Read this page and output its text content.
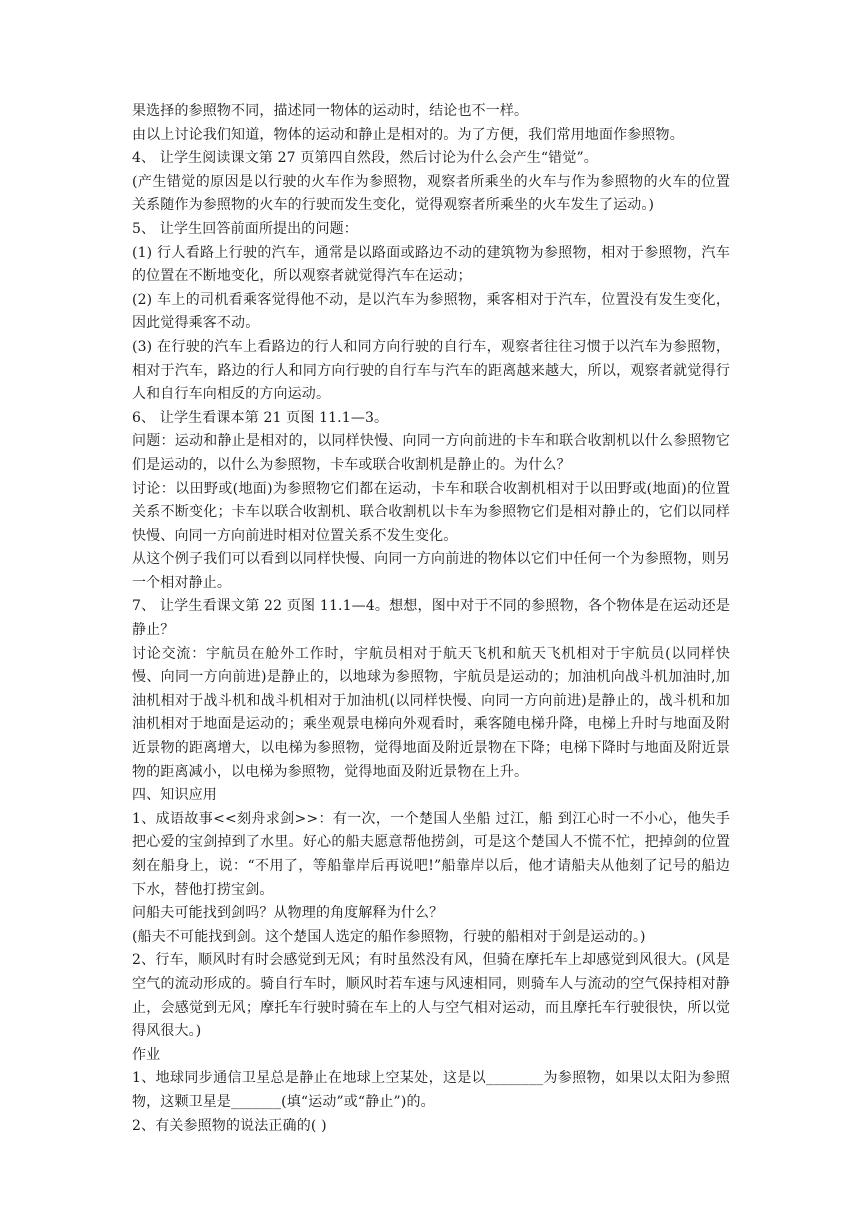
果选择的参照物不同，描述同一物体的运动时，结论也不一样。

由以上讨论我们知道，物体的运动和静止是相对的。为了方便，我们常用地面作参照物。

4、 让学生阅读课文第 27 页第四自然段，然后讨论为什么会产生“错觉”。

(产生错觉的原因是以行驶的火车作为参照物，观察者所乘坐的火车与作为参照物的火车的位置关系随作为参照物的火车的行驶而发生变化，觉得观察者所乘坐的火车发生了运动。)

5、 让学生回答前面所提出的问题：

(1) 行人看路上行驶的汽车，通常是以路面或路边不动的建筑物为参照物，相对于参照物，汽车的位置在不断地变化，所以观察者就觉得汽车在运动；

(2) 车上的司机看乘客觉得他不动，是以汽车为参照物，乘客相对于汽车，位置没有发生变化，因此觉得乘客不动。

(3) 在行驶的汽车上看路边的行人和同方向行驶的自行车，观察者往往习惯于以汽车为参照物，相对于汽车，路边的行人和同方向行驶的自行车与汽车的距离越来越大，所以，观察者就觉得行人和自行车向相反的方向运动。

6、 让学生看课本第 21 页图 11.1—3。

问题：运动和静止是相对的，以同样快慢、向同一方向前进的卡车和联合收割机以什么参照物它们是运动的，以什么为参照物，卡车或联合收割机是静止的。为什么？

讨论：以田野或(地面)为参照物它们都在运动，卡车和联合收割机相对于以田野或(地面)的位置关系不断变化；卡车以联合收割机、联合收割机以卡车为参照物它们是相对静止的，它们以同样快慢、向同一方向前进时相对位置关系不发生变化。

从这个例子我们可以看到以同样快慢、向同一方向前进的物体以它们中任何一个为参照物，则另一个相对静止。

7、 让学生看课文第 22 页图 11.1—4。想想，图中对于不同的参照物，各个物体是在运动还是静止？

讨论交流：宇航员在舱外工作时，宇航员相对于航天飞机和航天飞机相对于宇航员(以同样快慢、向同一方向前进)是静止的，以地球为参照物，宇航员是运动的；加油机向战斗机加油时,加油机相对于战斗机和战斗机相对于加油机(以同样快慢、向同一方向前进)是静止的，战斗机和加油机相对于地面是运动的；乘坐观景电梯向外观看时，乘客随电梯升降，电梯上升时与地面及附近景物的距离增大，以电梯为参照物，觉得地面及附近景物在下降；电梯下降时与地面及附近景物的距离减小，以电梯为参照物，觉得地面及附近景物在上升。

四、知识应用

1、成语故事<<刻舟求剑>>：有一次，一个楚国人坐船 过江，船 到江心时一不小心，他失手把心爱的宝剑掉到了水里。好心的船夫愿意帮他捞剑，可是这个楚国人不慌不忙，把掉剑的位置刻在船身上，说：“不用了，等船靠岸后再说吧!”船靠岸以后，他才请船夫从他刻了记号的船边下水，替他打捞宝剑。

问船夫可能找到剑吗？从物理的角度解释为什么？

(船夫不可能找到剑。这个楚国人选定的船作参照物，行驶的船相对于剑是运动的。)

2、行车，顺风时有时会感觉到无风；有时虽然没有风，但骑在摩托车上却感觉到风很大。(风是空气的流动形成的。骑自行车时，顺风时若车速与风速相同，则骑车人与流动的空气保持相对静止，会感觉到无风；摩托车行驶时骑在车上的人与空气相对运动，而且摩托车行驶很快，所以觉得风很大。)

作业

1、地球同步通信卫星总是静止在地球上空某处，这是以________为参照物，如果以太阳为参照物，这颗卫星是_______(填“运动”或“静止”)的。

2、有关参照物的说法正确的( )
